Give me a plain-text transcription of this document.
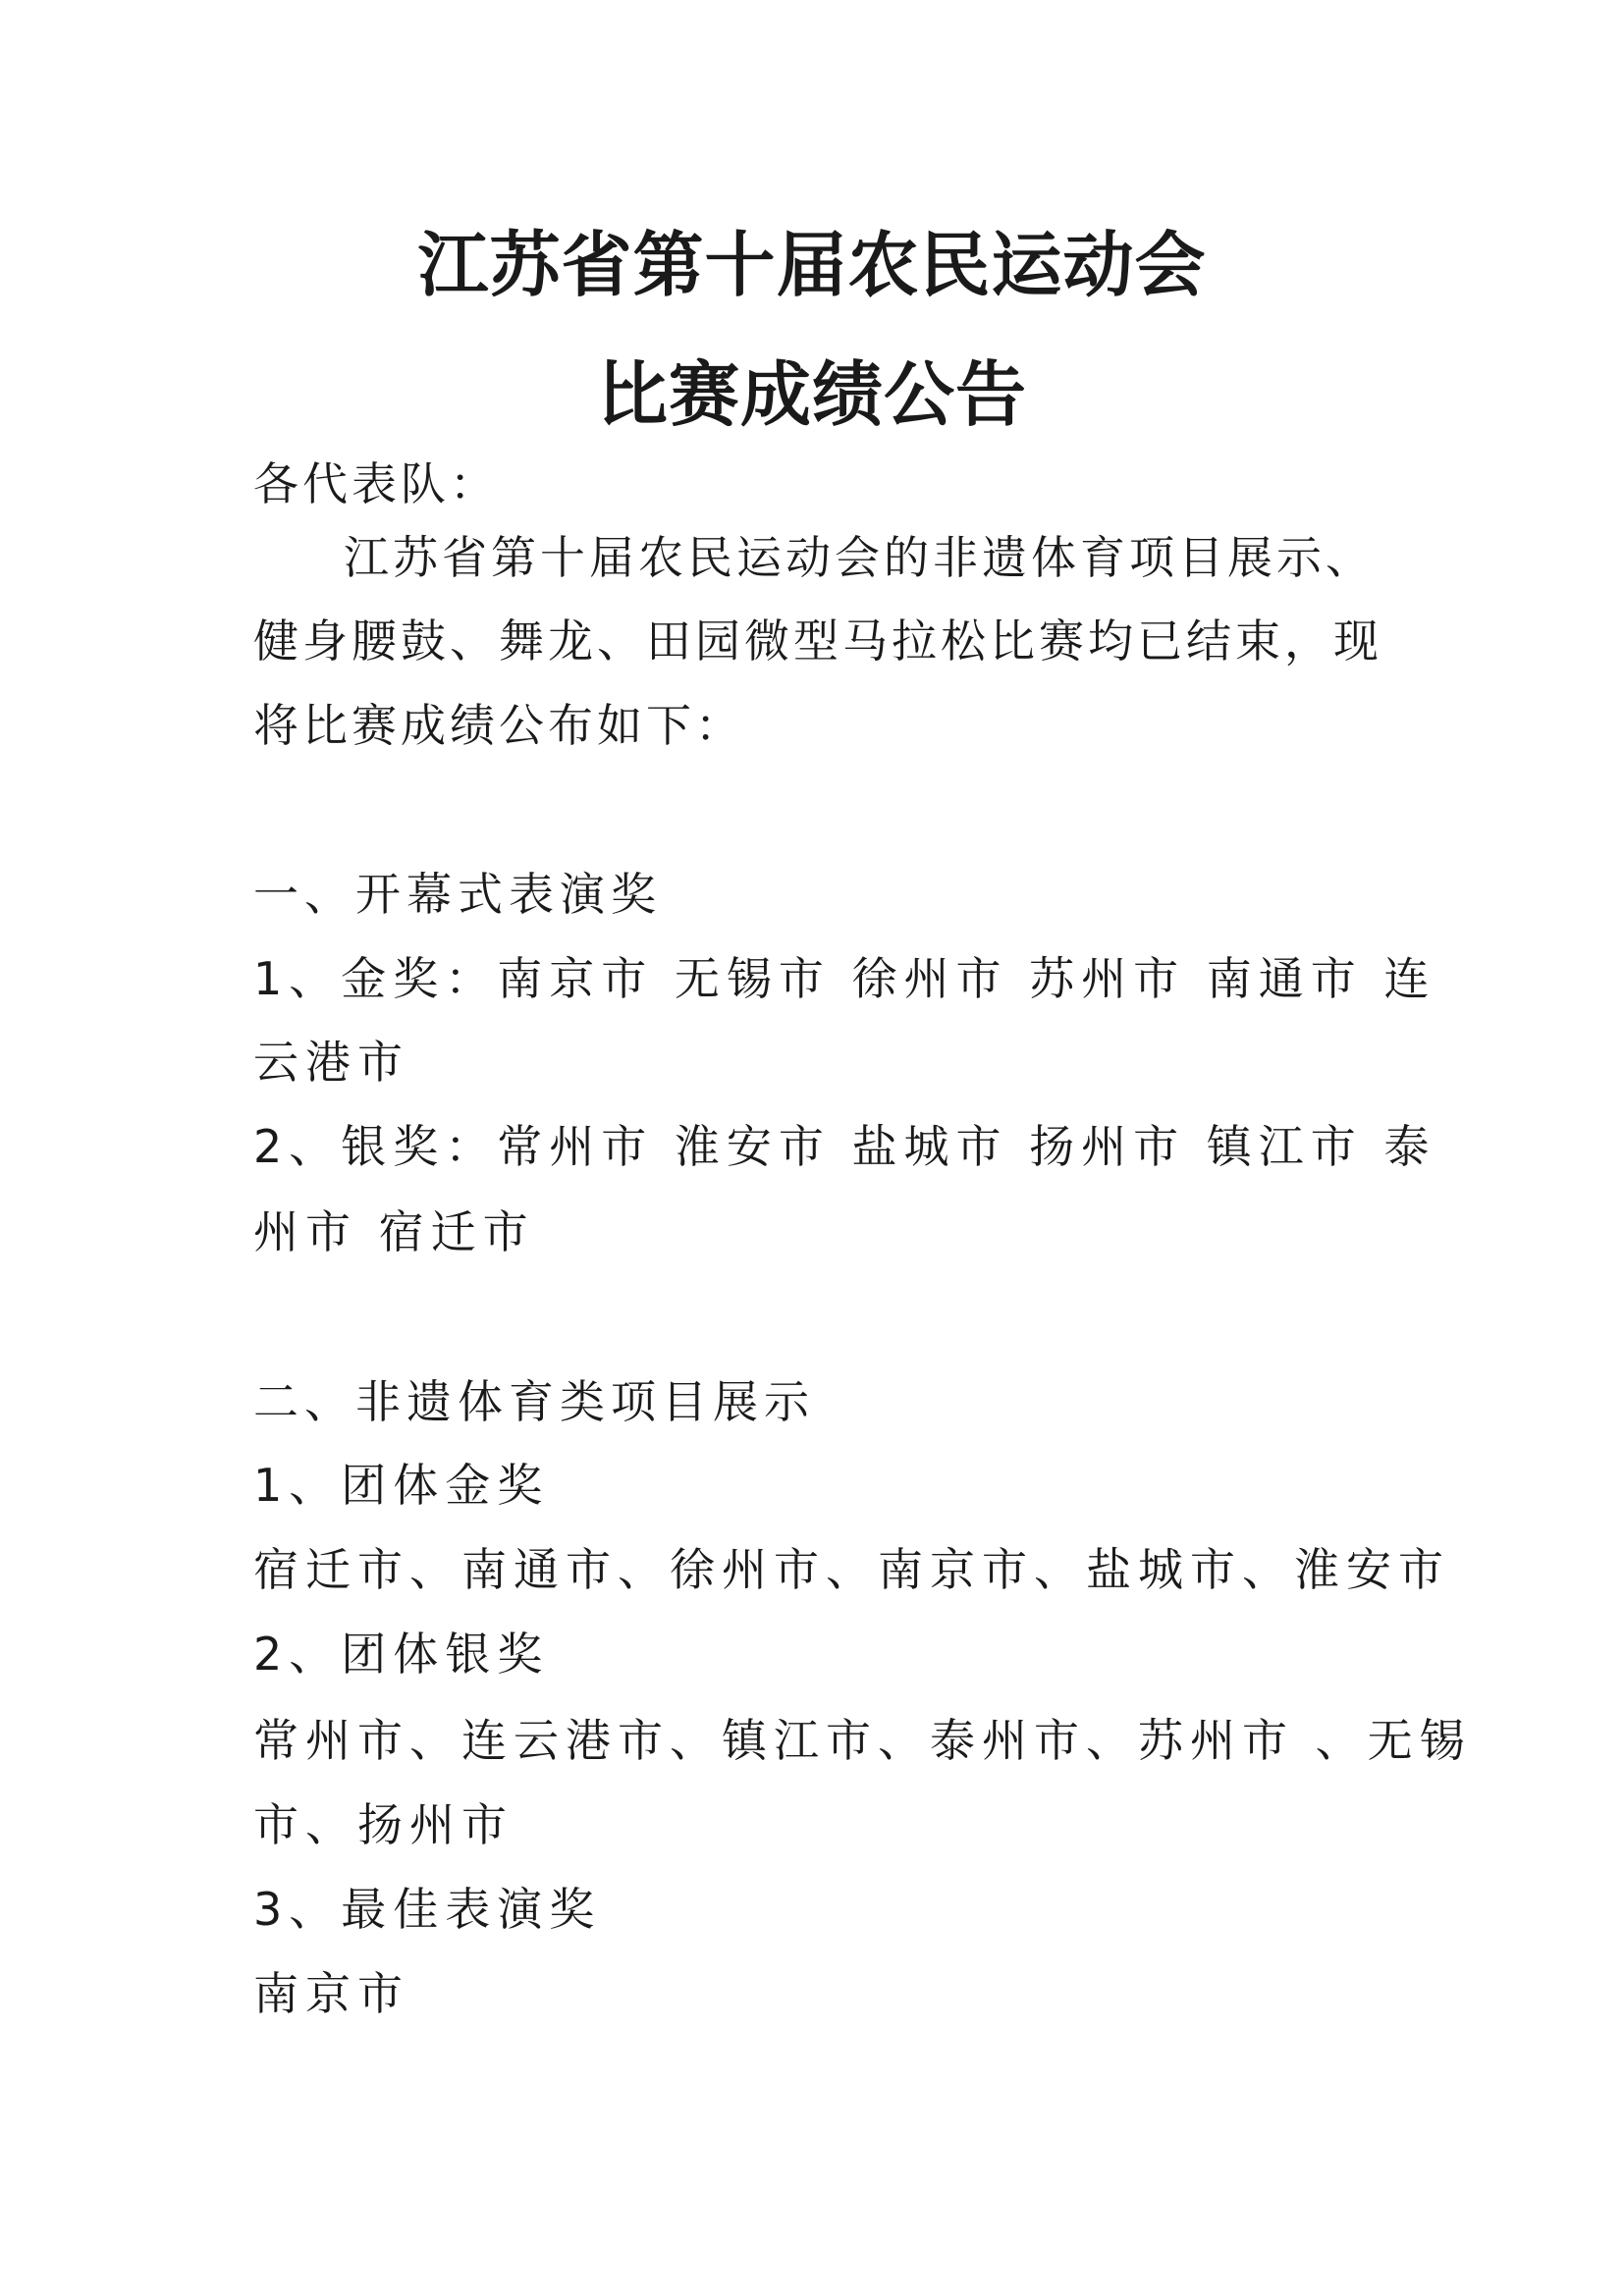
江苏省第十届农民运动会
比赛成绩公告
各代表队：
江苏省第十届农民运动会的非遗体育项目展示、
健身腰鼓、舞龙、田园微型马拉松比赛均已结束，现
将比赛成绩公布如下：
一、开幕式表演奖
1、金奖：南京市 无锡市 徐州市 苏州市 南通市 连
云港市
2、银奖：常州市 淮安市 盐城市 扬州市 镇江市 泰
州市 宿迁市
二、非遗体育类项目展示
1、团体金奖
宿迁市、南通市、徐州市、南京市、盐城市、淮安市
2、团体银奖
常州市、连云港市、镇江市、泰州市、苏州市 、无锡
市、扬州市
3、最佳表演奖
南京市
